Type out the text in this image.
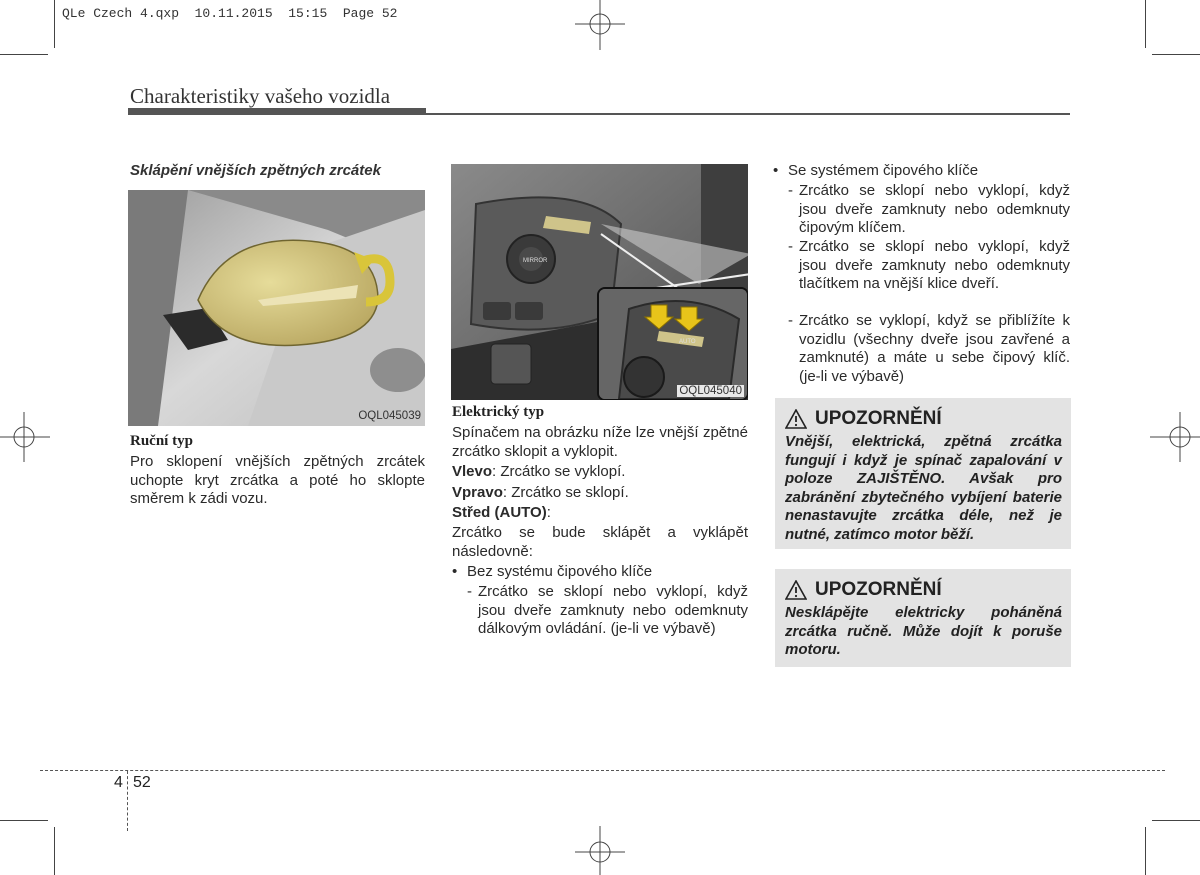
QLe Czech 4.qxp  10.11.2015  15:15  Page 52
Charakteristiky vašeho vozidla
Sklápění vnějších zpětných zrcátek
OQL045039
Ruční typ
Pro sklopení vnějších zpětných zrcátek uchopte kryt zrcátka a poté ho sklopte směrem k zádi vozu.
MIRROR
AUTO
OQL045040
Elektrický typ
Spínačem na obrázku níže lze vnější zpětné zrcátko sklopit a vyklopit.
Vlevo: Zrcátko se vyklopí.
Vpravo: Zrcátko se sklopí.
Střed (AUTO):
Zrcátko se bude sklápět a vyklápět následovně:
• Bez systému čipového klíče
- Zrcátko se sklopí nebo vyklopí, když jsou dveře zamknuty nebo odemknuty dálkovým ovládání. (je-li ve výbavě)
• Se systémem čipového klíče
- Zrcátko se sklopí nebo vyklopí, když jsou dveře zamknuty nebo odemknuty čipovým klíčem.
- Zrcátko se sklopí nebo vyklopí, když jsou dveře zamknuty nebo odemknuty tlačítkem na vnější klice dveří.
- Zrcátko se vyklopí, když se přiblížíte k vozidlu (všechny dveře jsou zavřené a zamknuté) a máte u sebe čipový klíč. (je-li ve výbavě)
UPOZORNĚNÍ
Vnější, elektrická, zpětná zrcátka fungují i když je spínač zapalování v poloze ZAJIŠTĚNO. Avšak pro zabránění zbytečného vybíjení baterie nenastavujte zrcátka déle, než je nutné, zatímco motor běží.
UPOZORNĚNÍ
Nesklápějte elektricky poháněná zrcátka ručně. Může dojít k poruše motoru.
4 52
